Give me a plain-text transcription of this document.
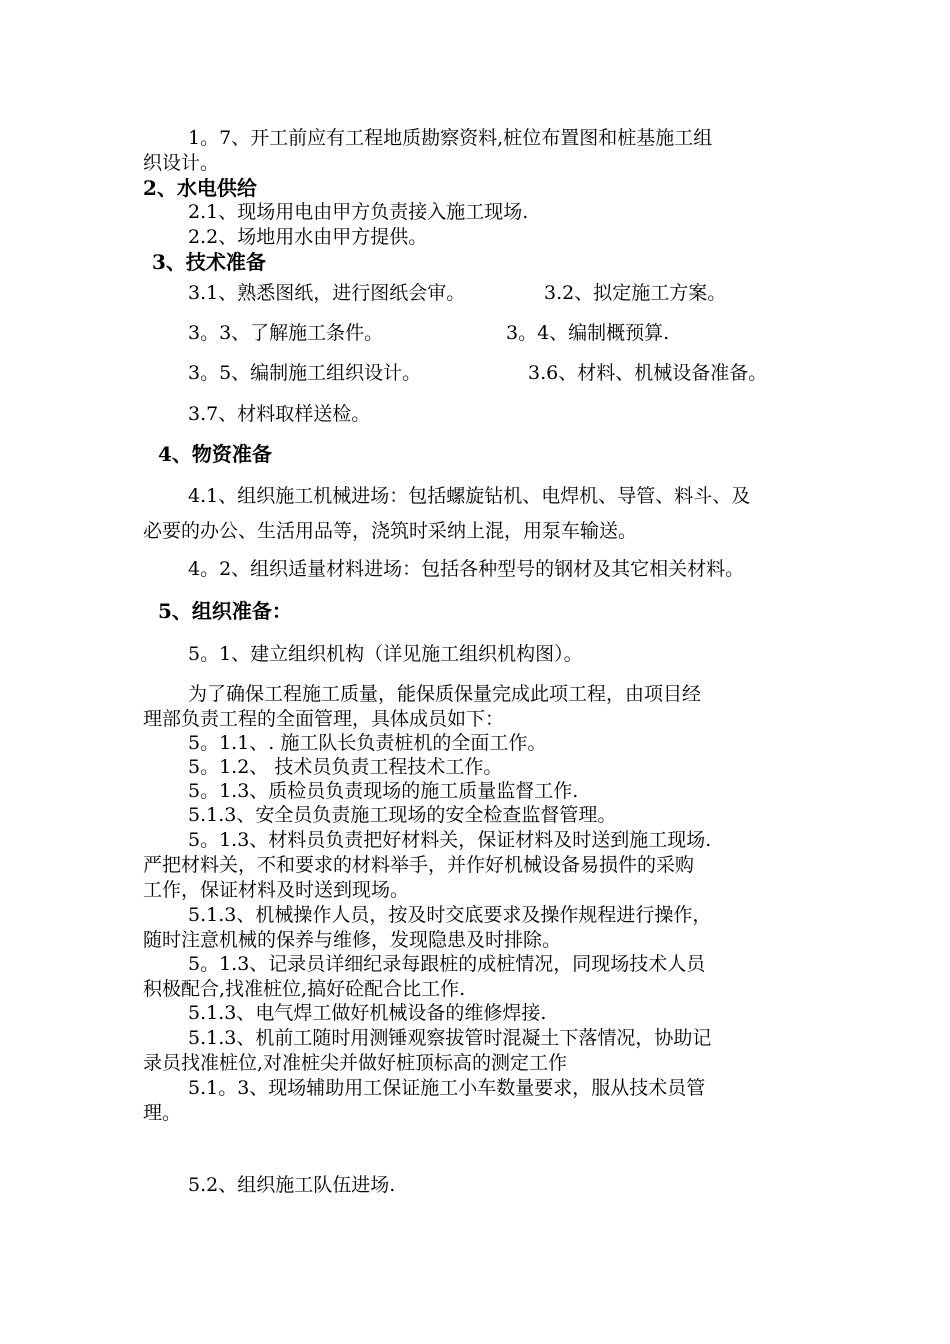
1。7、开工前应有工程地质勘察资料,桩位布置图和桩基施工组
织设计。
2、水电供给
2.1、现场用电由甲方负责接入施工现场.
2.2、场地用水由甲方提供。
3、技术准备
3.1、熟悉图纸，进行图纸会审。	3.2、拟定施工方案。
3。3、了解施工条件。	3。4、编制概预算.
3。5、编制施工组织设计。	3.6、材料、机械设备准备。
3.7、材料取样送检。
4、物资准备
4.1、组织施工机械进场：包括螺旋钻机、电焊机、导管、料斗、及
必要的办公、生活用品等，浇筑时采纳上混，用泵车输送。
4。2、组织适量材料进场：包括各种型号的钢材及其它相关材料。
5、组织准备：
5。1、建立组织机构（详见施工组织机构图）。
为了确保工程施工质量，能保质保量完成此项工程，由项目经
理部负责工程的全面管理，具体成员如下：
5。1.1、. 施工队长负责桩机的全面工作。
5。1.2、 技术员负责工程技术工作。
5。1.3、质检员负责现场的施工质量监督工作.
5.1.3、安全员负责施工现场的安全检查监督管理。
5。1.3、材料员负责把好材料关，保证材料及时送到施工现场.
严把材料关，不和要求的材料举手，并作好机械设备易损件的采购
工作，保证材料及时送到现场。
5.1.3、机械操作人员，按及时交底要求及操作规程进行操作，
随时注意机械的保养与维修，发现隐患及时排除。
5。1.3、记录员详细纪录每跟桩的成桩情况，同现场技术人员
积极配合,找准桩位,搞好砼配合比工作.
5.1.3、电气焊工做好机械设备的维修焊接.
5.1.3、机前工随时用测锤观察拔管时混凝土下落情况，协助记
录员找准桩位,对准桩尖并做好桩顶标高的测定工作
5.1。3、现场辅助用工保证施工小车数量要求，服从技术员管
理。
5.2、组织施工队伍进场.
